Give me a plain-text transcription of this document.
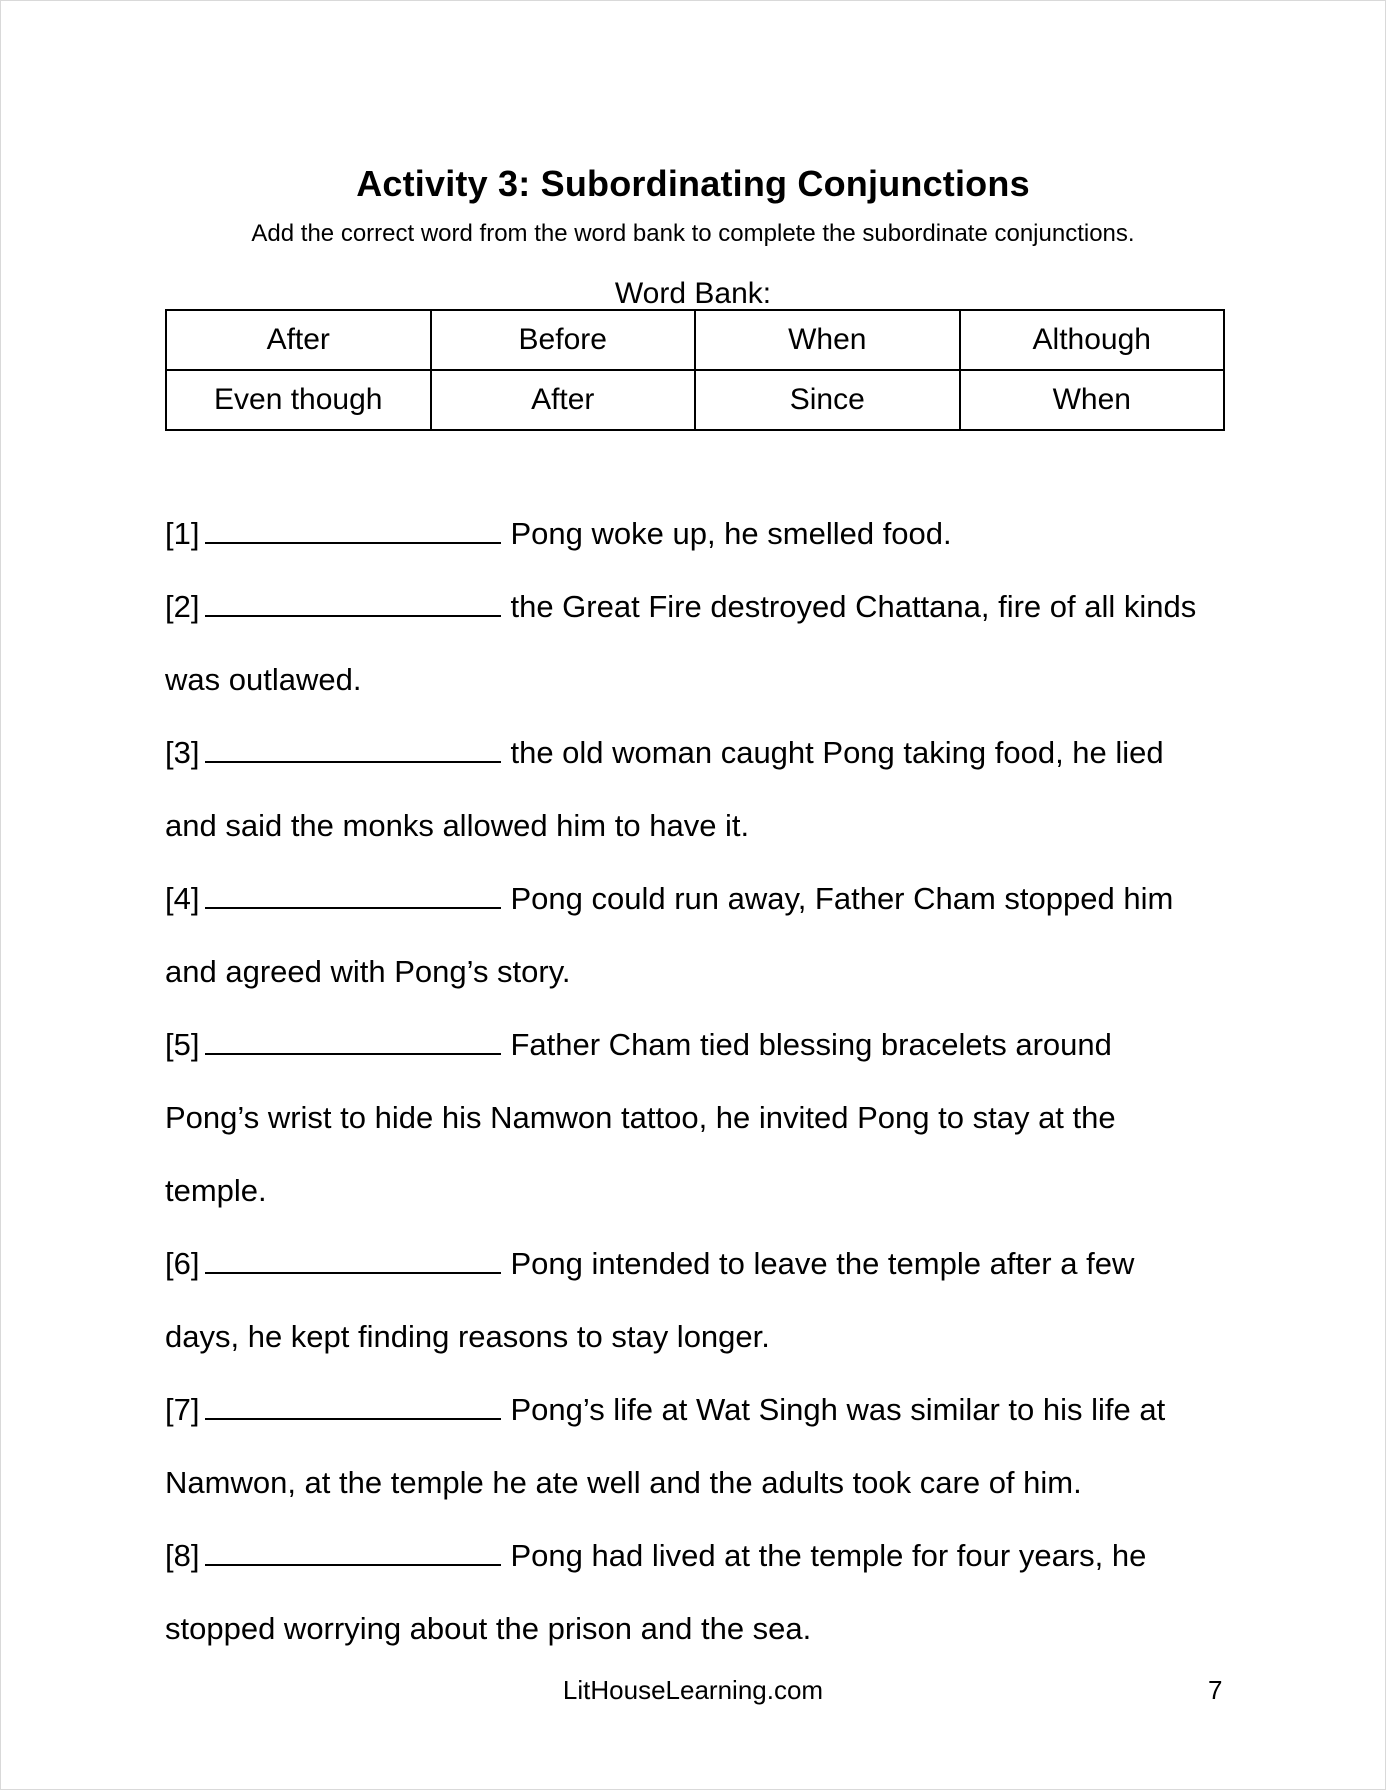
Activity 3: Subordinating Conjunctions
Add the correct word from the word bank to complete the subordinate conjunctions.
Word Bank:
After	Before	When	Although
Even though	After	Since	When
[1]	Pong woke up, he smelled food.
[2]	the Great Fire destroyed Chattana, fire of all kinds
was outlawed.
[3]	the old woman caught Pong taking food, he lied
and said the monks allowed him to have it.
[4]	Pong could run away, Father Cham stopped him
and agreed with Pong’s story.
[5]	Father Cham tied blessing bracelets around
Pong’s wrist to hide his Namwon tattoo, he invited Pong to stay at the
temple.
[6]	Pong intended to leave the temple after a few
days, he kept finding reasons to stay longer.
[7]	Pong’s life at Wat Singh was similar to his life at
Namwon, at the temple he ate well and the adults took care of him.
[8]	Pong had lived at the temple for four years, he
stopped worrying about the prison and the sea.
LitHouseLearning.com	7
